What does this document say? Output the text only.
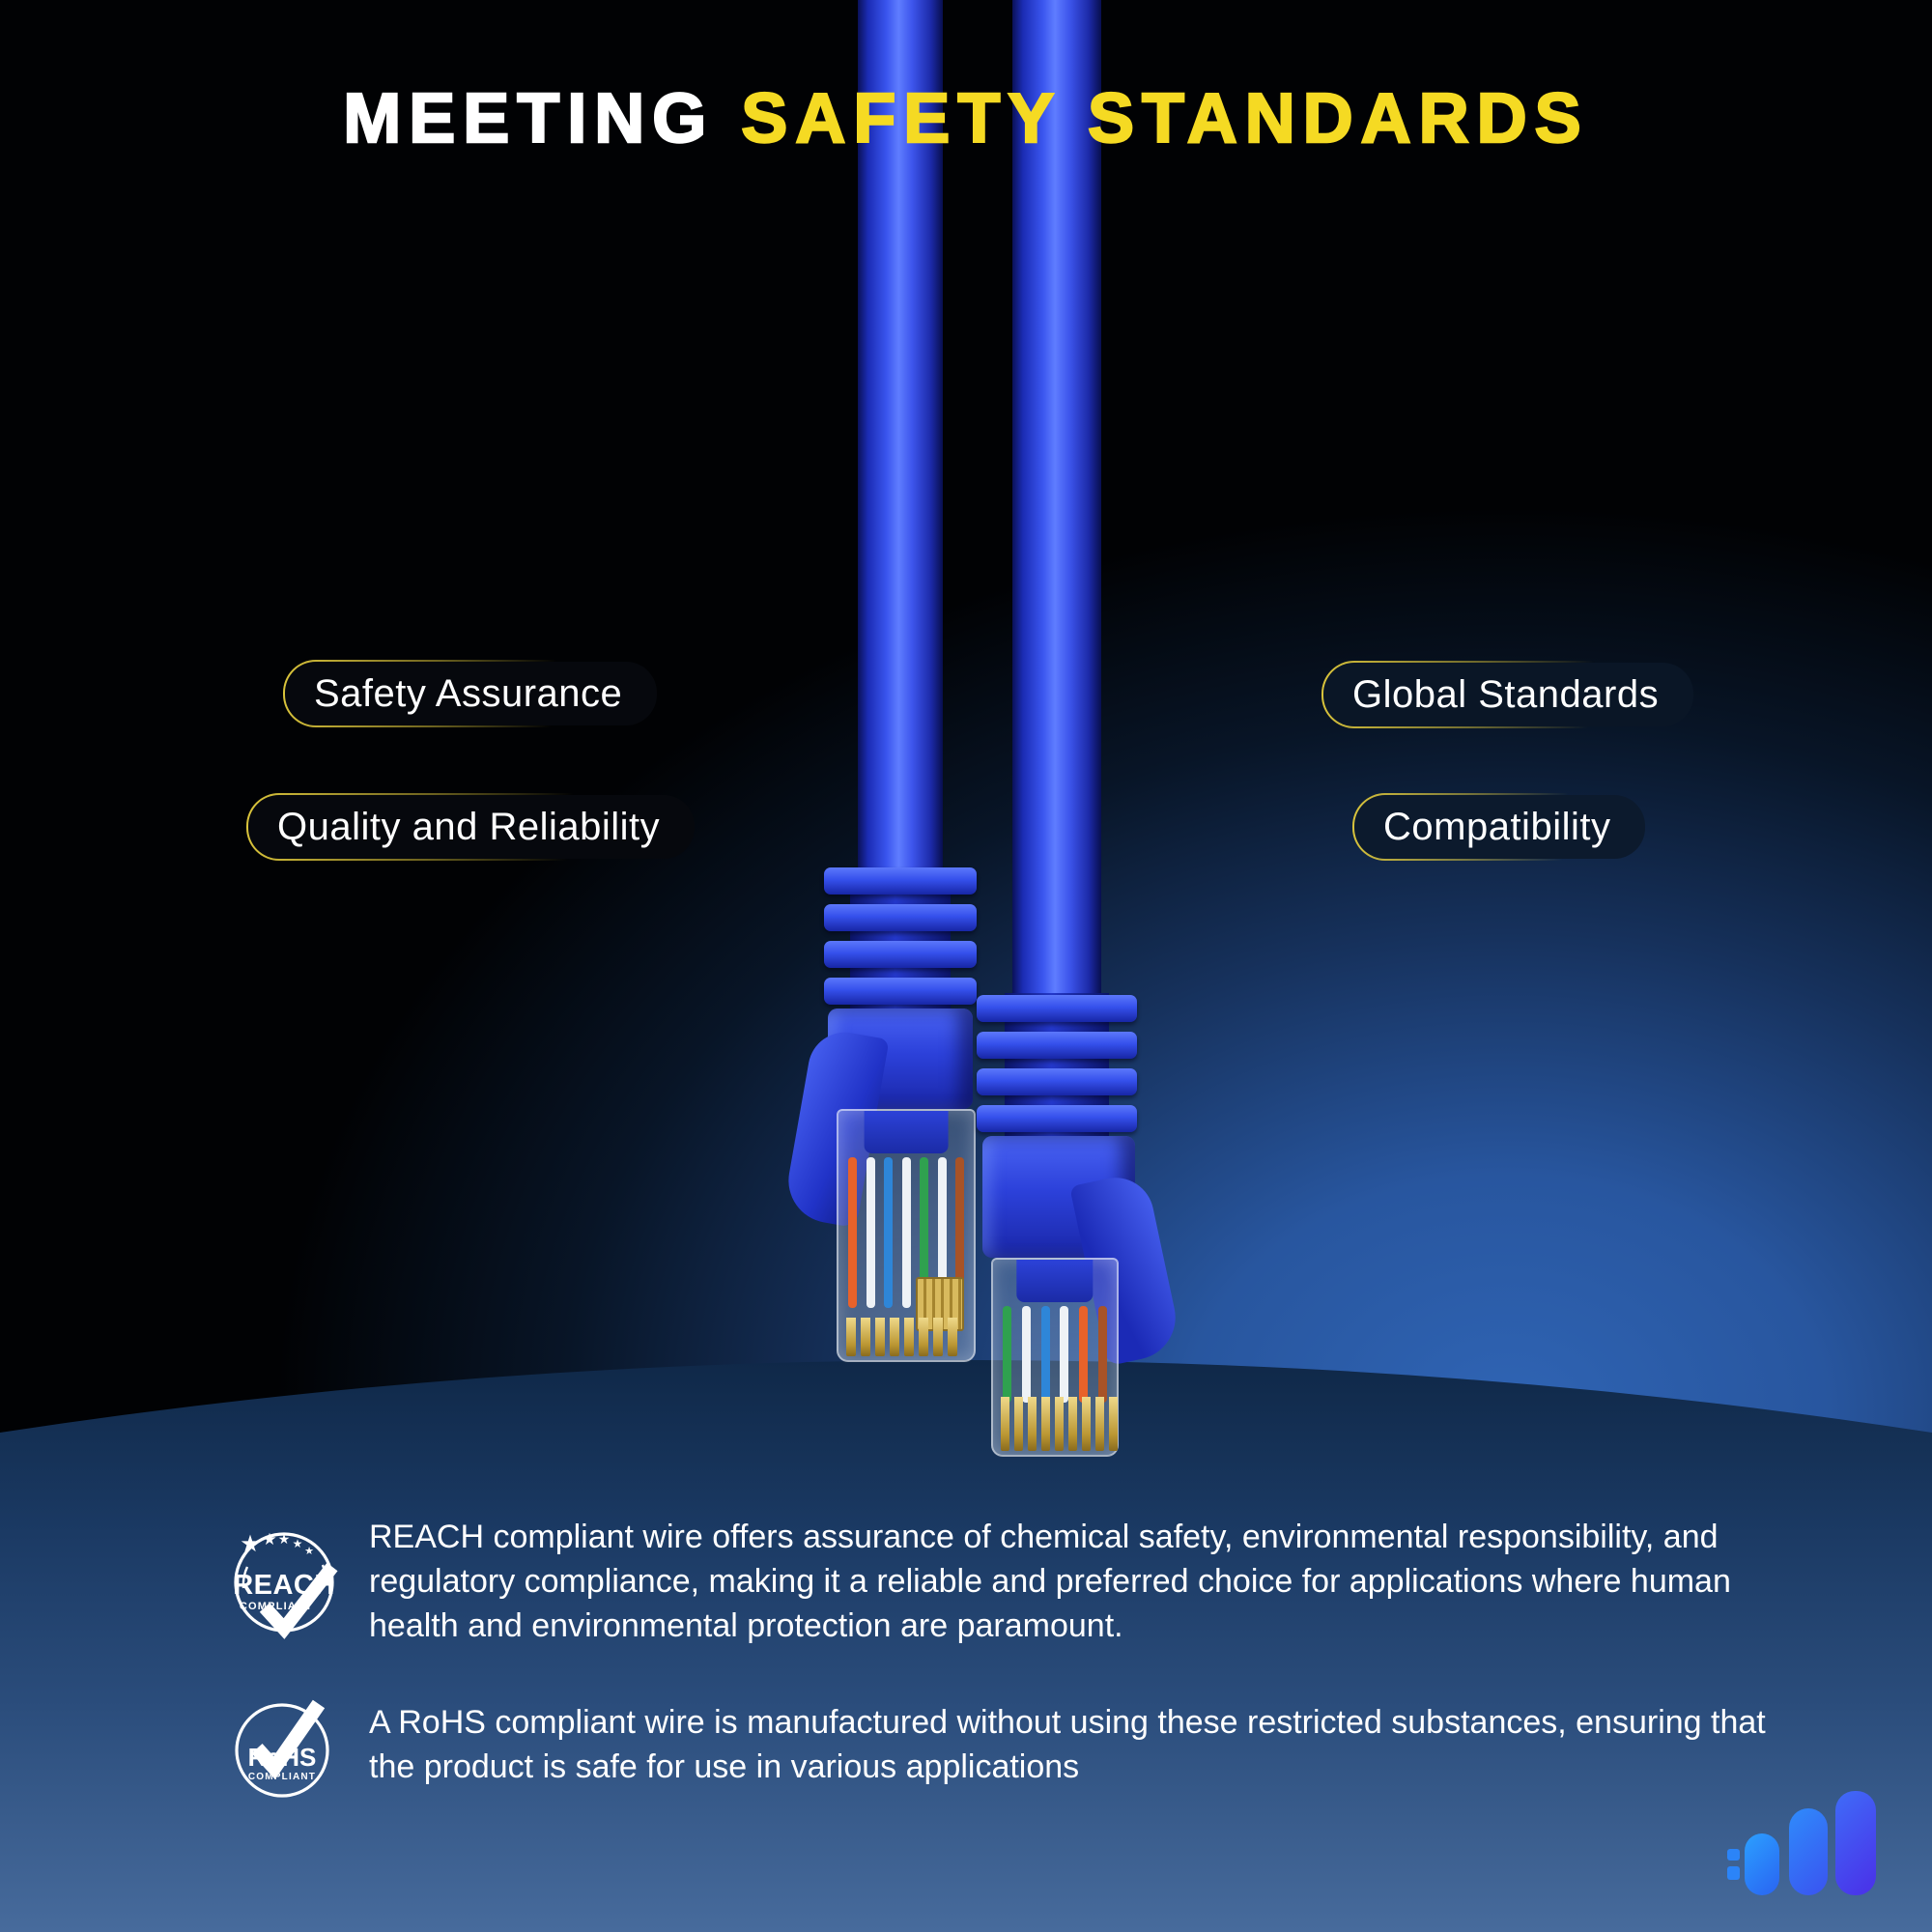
MEETING SAFETY STANDARDS
Safety Assurance
Quality and Reliability
Global Standards
Compatibility
★ ★ ★ ★
★
REACH
COMPLIANT
RoHS
COMPLIANT
REACH compliant wire offers assurance of chemical safety, environmental responsibility, and regulatory compliance, making it a reliable and preferred choice for applications where human health and environmental protection are paramount.
A RoHS compliant wire is manufactured without using these restricted substances, ensuring that the product is safe for use in various applications
